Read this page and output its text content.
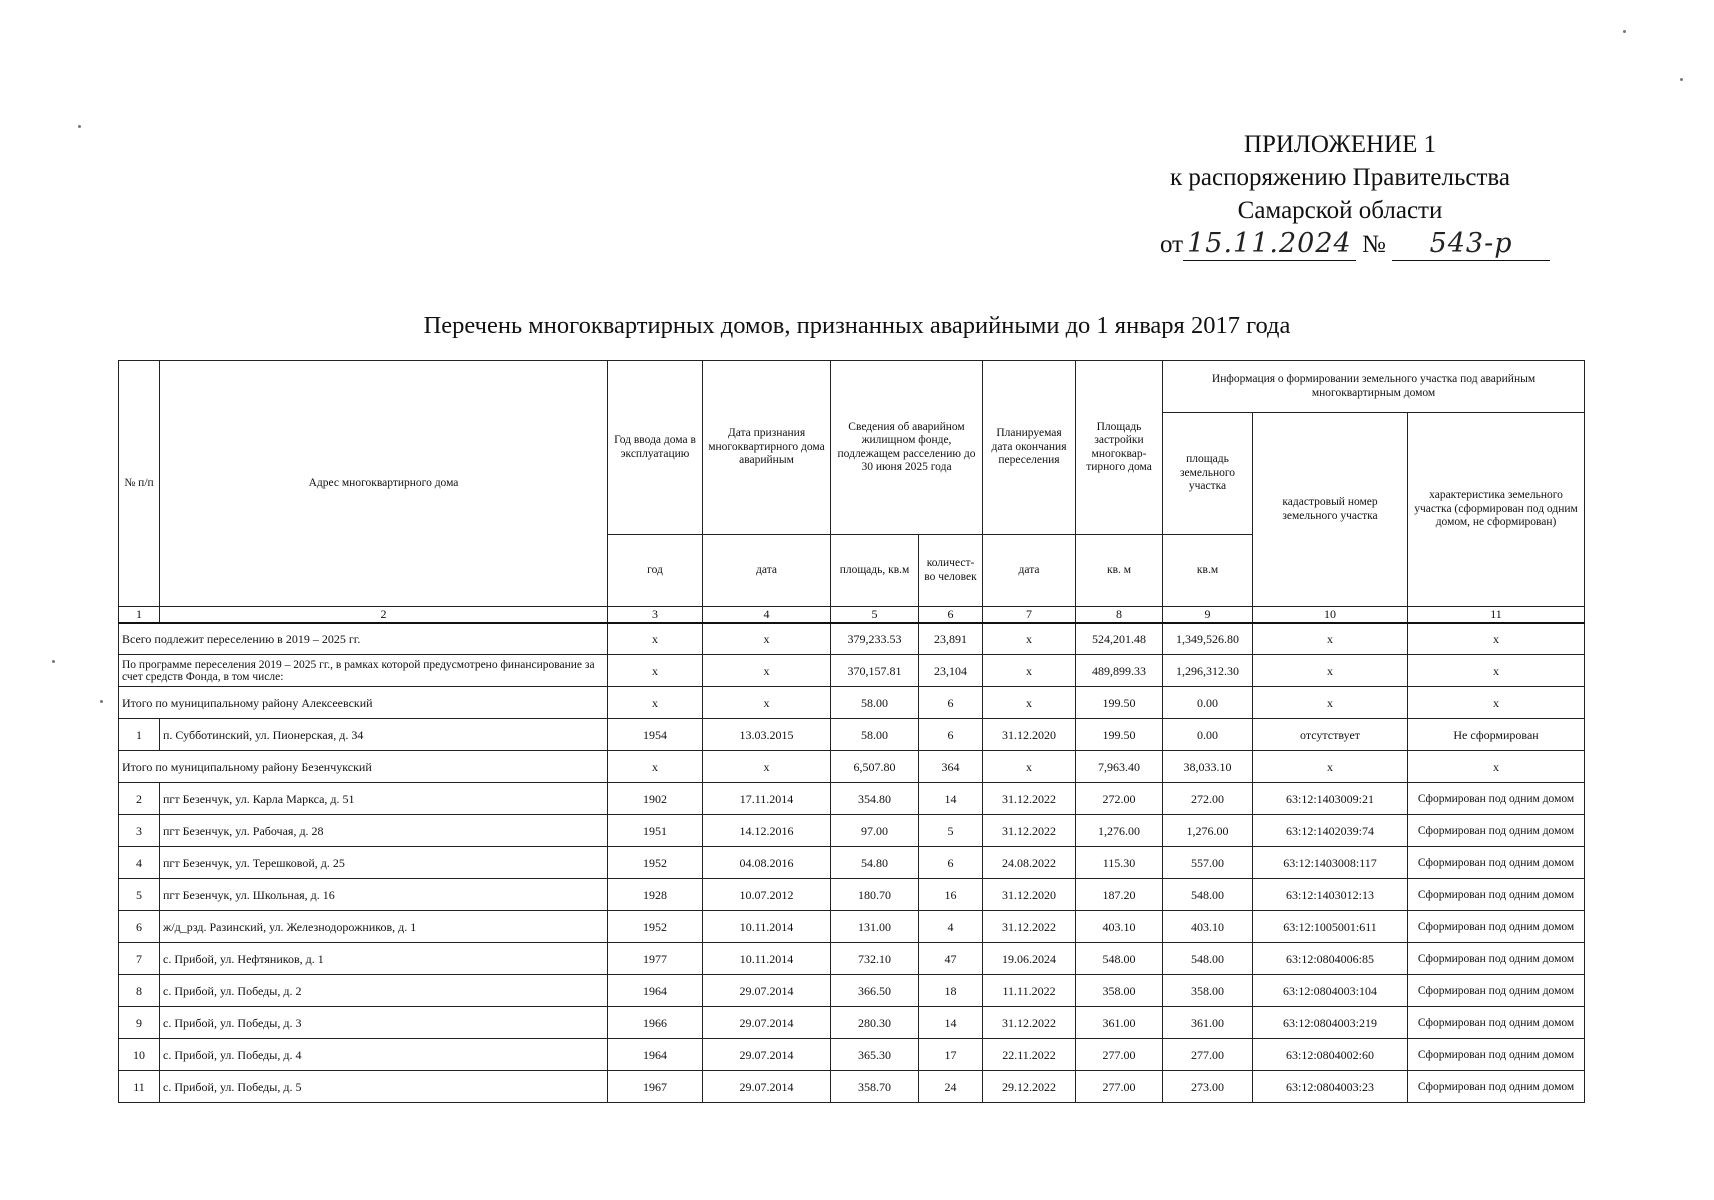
ПРИЛОЖЕНИЕ 1
к распоряжению Правительства
Самарской области
от 15.11.2024 № 543-р
Перечень многоквартирных домов, признанных аварийными до 1 января 2017 года
№ п/п	Адрес многоквартирного дома	Год ввода дома в эксплуатацию	Дата признания многоквартирного дома аварийным	Сведения об аварийном жилищном фонде, подлежащем расселению до 30 июня 2025 года		Планируемая дата окончания переселения	Площадь застройки многоквар-тирного дома	Информация о формировании земельного участка под аварийным многоквартирным домом		
								площадь земельного участка	кадастровый номер земельного участка	характеристика земельного участка (сформирован под одним домом, не сформирован)
		год	дата	площадь, кв.м	количест-во человек	дата	кв. м	кв.м		
1	2	3	4	5	6	7	8	9	10	11
Всего подлежит переселению в 2019 – 2025 гг.		х	х	379,233.53	23,891	х	524,201.48	1,349,526.80	х	х
По программе переселения 2019 – 2025 гг., в рамках которой предусмотрено финансирование за счет средств Фонда, в том числе:		х	х	370,157.81	23,104	х	489,899.33	1,296,312.30	х	х
Итого по муниципальному району Алексеевский		х	х	58.00	6	х	199.50	0.00	х	х
1	п. Субботинский, ул. Пионерская, д. 34	1954	13.03.2015	58.00	6	31.12.2020	199.50	0.00	отсутствует	Не сформирован
Итого по муниципальному району Безенчукский		х	х	6,507.80	364	х	7,963.40	38,033.10	х	х
2	пгт Безенчук, ул. Карла Маркса, д. 51	1902	17.11.2014	354.80	14	31.12.2022	272.00	272.00	63:12:1403009:21	Сформирован под одним домом
3	пгт Безенчук, ул. Рабочая, д. 28	1951	14.12.2016	97.00	5	31.12.2022	1,276.00	1,276.00	63:12:1402039:74	Сформирован под одним домом
4	пгт Безенчук, ул. Терешковой, д. 25	1952	04.08.2016	54.80	6	24.08.2022	115.30	557.00	63:12:1403008:117	Сформирован под одним домом
5	пгт Безенчук, ул. Школьная, д. 16	1928	10.07.2012	180.70	16	31.12.2020	187.20	548.00	63:12:1403012:13	Сформирован под одним домом
6	ж/д_рзд. Разинский, ул. Железнодорожников, д. 1	1952	10.11.2014	131.00	4	31.12.2022	403.10	403.10	63:12:1005001:611	Сформирован под одним домом
7	с. Прибой, ул. Нефтяников, д. 1	1977	10.11.2014	732.10	47	19.06.2024	548.00	548.00	63:12:0804006:85	Сформирован под одним домом
8	с. Прибой, ул. Победы, д. 2	1964	29.07.2014	366.50	18	11.11.2022	358.00	358.00	63:12:0804003:104	Сформирован под одним домом
9	с. Прибой, ул. Победы, д. 3	1966	29.07.2014	280.30	14	31.12.2022	361.00	361.00	63:12:0804003:219	Сформирован под одним домом
10	с. Прибой, ул. Победы, д. 4	1964	29.07.2014	365.30	17	22.11.2022	277.00	277.00	63:12:0804002:60	Сформирован под одним домом
11	с. Прибой, ул. Победы, д. 5	1967	29.07.2014	358.70	24	29.12.2022	277.00	273.00	63:12:0804003:23	Сформирован под одним домом
